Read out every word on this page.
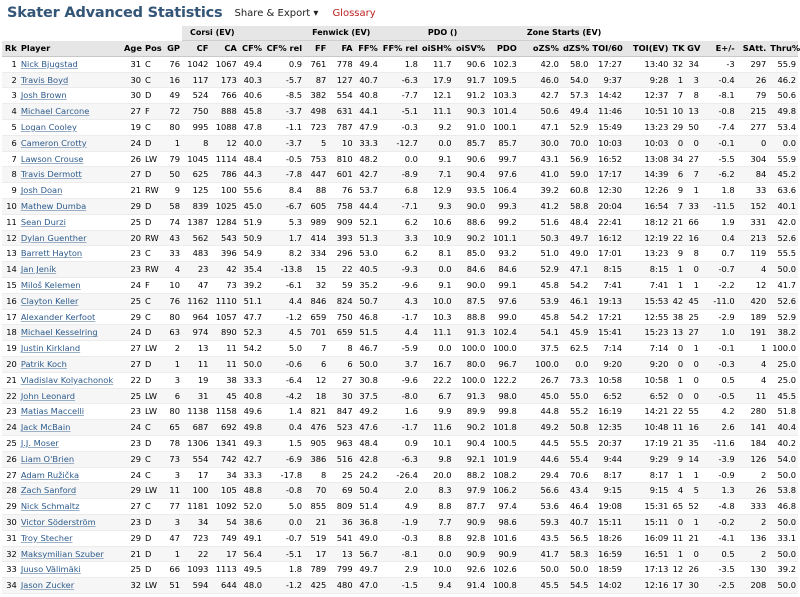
Skater Advanced Statistics Share & Export ▾ Glossary
					Corsi (EV)				Fenwick (EV)				PDO ()			Zone Starts (EV)								
Rk	Player	Age	Pos	GP	CF	CA	CF%	CF% rel	FF	FA	FF%	FF% rel	oiSH%	oiSV%	PDO	oZS%	dZS%	TOI/60	TOI(EV)	TK	GV	E+/-	SAtt.	Thru%
1	Nick Bjugstad	31	C	76	1042	1067	49.4	0.9	761	778	49.4	1.8	11.7	90.6	102.3	42.0	58.0	17:27	13:40	32	34	-3	297	55.9
2	Travis Boyd	30	C	16	117	173	40.3	-5.7	87	127	40.7	-6.3	17.9	91.7	109.5	46.0	54.0	9:37	9:28	1	3	-0.4	26	46.2
3	Josh Brown	30	D	49	524	766	40.6	-8.5	382	554	40.8	-7.7	12.1	91.2	103.3	42.7	57.3	14:42	12:37	7	8	-8.1	79	50.6
4	Michael Carcone	27	F	72	750	888	45.8	-3.7	498	631	44.1	-5.1	11.1	90.3	101.4	50.6	49.4	11:46	10:51	10	13	-0.8	215	49.8
5	Logan Cooley	19	C	80	995	1088	47.8	-1.1	723	787	47.9	-0.3	9.2	91.0	100.1	47.1	52.9	15:49	13:23	29	50	-7.4	277	53.4
6	Cameron Crotty	24	D	1	8	12	40.0	-3.7	5	10	33.3	-12.7	0.0	85.7	85.7	30.0	70.0	10:03	10:03	0	0	-0.1	0	0.0
7	Lawson Crouse	26	LW	79	1045	1114	48.4	-0.5	753	810	48.2	0.0	9.1	90.6	99.7	43.1	56.9	16:52	13:08	34	27	-5.5	304	55.9
8	Travis Dermott	27	D	50	625	786	44.3	-7.8	447	601	42.7	-8.9	7.1	90.4	97.6	41.0	59.0	17:17	14:39	6	7	-6.2	84	45.2
9	Josh Doan	21	RW	9	125	100	55.6	8.4	88	76	53.7	6.8	12.9	93.5	106.4	39.2	60.8	12:30	12:26	9	1	1.8	33	63.6
10	Mathew Dumba	29	D	58	839	1025	45.0	-6.7	605	758	44.4	-7.1	9.3	90.0	99.3	41.2	58.8	20:04	16:54	7	33	-11.5	152	40.1
11	Sean Durzi	25	D	74	1387	1284	51.9	5.3	989	909	52.1	6.2	10.6	88.6	99.2	51.6	48.4	22:41	18:12	21	66	1.9	331	42.0
12	Dylan Guenther	20	RW	43	562	543	50.9	1.7	414	393	51.3	3.3	10.9	90.2	101.1	50.3	49.7	16:12	12:19	22	16	0.4	213	52.6
13	Barrett Hayton	23	C	33	483	396	54.9	8.2	334	296	53.0	6.2	8.1	85.0	93.2	51.0	49.0	17:01	13:23	9	8	0.7	119	55.5
14	Jan Jeník	23	RW	4	23	42	35.4	-13.8	15	22	40.5	-9.3	0.0	84.6	84.6	52.9	47.1	8:15	8:15	1	0	-0.7	4	50.0
15	Miloš Kelemen	24	F	10	47	73	39.2	-6.1	32	59	35.2	-9.6	9.1	90.0	99.1	45.8	54.2	7:41	7:41	1	1	-2.2	12	41.7
16	Clayton Keller	25	C	76	1162	1110	51.1	4.4	846	824	50.7	4.3	10.0	87.5	97.6	53.9	46.1	19:13	15:53	42	45	-11.0	420	52.6
17	Alexander Kerfoot	29	C	80	964	1057	47.7	-1.2	659	750	46.8	-1.7	10.3	88.8	99.0	45.8	54.2	17:21	12:55	38	25	-2.9	189	52.9
18	Michael Kesselring	24	D	63	974	890	52.3	4.5	701	659	51.5	4.4	11.1	91.3	102.4	54.1	45.9	15:41	15:23	13	27	1.0	191	38.2
19	Justin Kirkland	27	LW	2	13	11	54.2	5.0	7	8	46.7	-5.9	0.0	100.0	100.0	37.5	62.5	7:14	7:14	0	1	-0.1	1	100.0
20	Patrik Koch	27	D	1	11	11	50.0	-0.6	6	6	50.0	3.7	16.7	80.0	96.7	100.0	0.0	9:20	9:20	0	0	-0.3	4	25.0
21	Vladislav Kolyachonok	22	D	3	19	38	33.3	-6.4	12	27	30.8	-9.6	22.2	100.0	122.2	26.7	73.3	10:58	10:58	1	0	0.5	4	25.0
22	John Leonard	25	LW	6	31	45	40.8	-4.2	18	30	37.5	-8.0	6.7	91.3	98.0	45.0	55.0	6:52	6:52	0	0	-0.5	11	45.5
23	Matias Maccelli	23	LW	80	1138	1158	49.6	1.4	821	847	49.2	1.6	9.9	89.9	99.8	44.8	55.2	16:19	14:21	22	55	4.2	280	51.8
24	Jack McBain	24	C	65	687	692	49.8	0.4	476	523	47.6	-1.7	11.6	90.2	101.8	49.2	50.8	12:35	10:48	11	16	2.6	141	40.4
25	J.J. Moser	23	D	78	1306	1341	49.3	1.5	905	963	48.4	0.9	10.1	90.4	100.5	44.5	55.5	20:37	17:19	21	35	-11.6	184	40.2
26	Liam O'Brien	29	C	73	554	742	42.7	-6.9	386	516	42.8	-6.3	9.8	92.1	101.9	44.6	55.4	9:44	9:29	9	14	-3.9	126	54.0
27	Adam Ružička	24	C	3	17	34	33.3	-17.8	8	25	24.2	-26.4	20.0	88.2	108.2	29.4	70.6	8:17	8:17	1	1	-0.9	2	50.0
28	Zach Sanford	29	LW	11	100	105	48.8	-0.8	70	69	50.4	2.0	8.3	97.9	106.2	56.6	43.4	9:15	9:15	4	5	1.3	26	53.8
29	Nick Schmaltz	27	C	77	1181	1092	52.0	5.0	855	809	51.4	4.9	8.8	87.7	97.4	53.6	46.4	19:08	15:31	65	52	-4.8	333	46.8
30	Victor Söderström	23	D	3	34	54	38.6	0.0	21	36	36.8	-1.9	7.7	90.9	98.6	59.3	40.7	15:11	15:11	0	1	-0.2	2	50.0
31	Troy Stecher	29	D	47	723	749	49.1	-0.7	519	541	49.0	-0.3	8.8	92.8	101.6	43.5	56.5	18:26	16:09	11	21	-4.1	136	33.1
32	Maksymilian Szuber	21	D	1	22	17	56.4	-5.1	17	13	56.7	-8.1	0.0	90.9	90.9	41.7	58.3	16:59	16:51	1	0	0.5	2	50.0
33	Juuso Välimäki	25	D	66	1093	1113	49.5	1.8	789	799	49.7	2.9	10.0	92.6	102.6	50.0	50.0	18:59	17:13	12	26	-3.5	130	39.2
34	Jason Zucker	32	LW	51	594	644	48.0	-1.2	425	480	47.0	-1.5	9.4	91.4	100.8	45.5	54.5	14:02	12:16	17	30	-2.5	208	50.0
